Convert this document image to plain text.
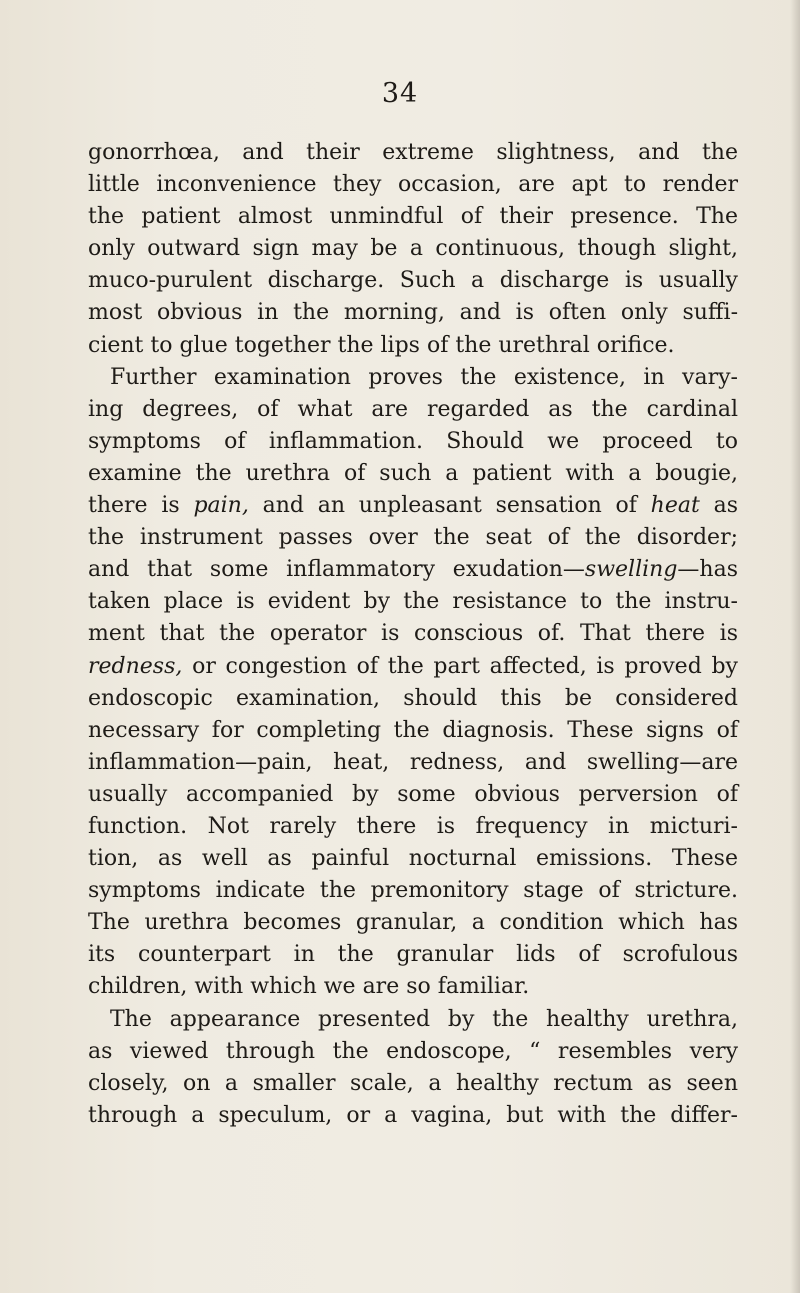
34
gonorrhœa, and their extreme slightness, and the
little inconvenience they occasion, are apt to render
the patient almost unmindful of their presence. The
only outward sign may be a continuous, though slight,
muco-purulent discharge. Such a discharge is usually
most obvious in the morning, and is often only suffi-
cient to glue together the lips of the urethral orifice.
Further examination proves the existence, in vary-
ing degrees, of what are regarded as the cardinal
symptoms of inflammation. Should we proceed to
examine the urethra of such a patient with a bougie,
there is pain, and an unpleasant sensation of heat as
the instrument passes over the seat of the disorder;
and that some inflammatory exudation—swelling—has
taken place is evident by the resistance to the instru-
ment that the operator is conscious of. That there is
redness, or congestion of the part affected, is proved by
endoscopic examination, should this be considered
necessary for completing the diagnosis. These signs of
inflammation—pain, heat, redness, and swelling—are
usually accompanied by some obvious perversion of
function. Not rarely there is frequency in micturi-
tion, as well as painful nocturnal emissions. These
symptoms indicate the premonitory stage of stricture.
The urethra becomes granular, a condition which has
its counterpart in the granular lids of scrofulous
children, with which we are so familiar.
The appearance presented by the healthy urethra,
as viewed through the endoscope, “ resembles very
closely, on a smaller scale, a healthy rectum as seen
through a speculum, or a vagina, but with the differ-
